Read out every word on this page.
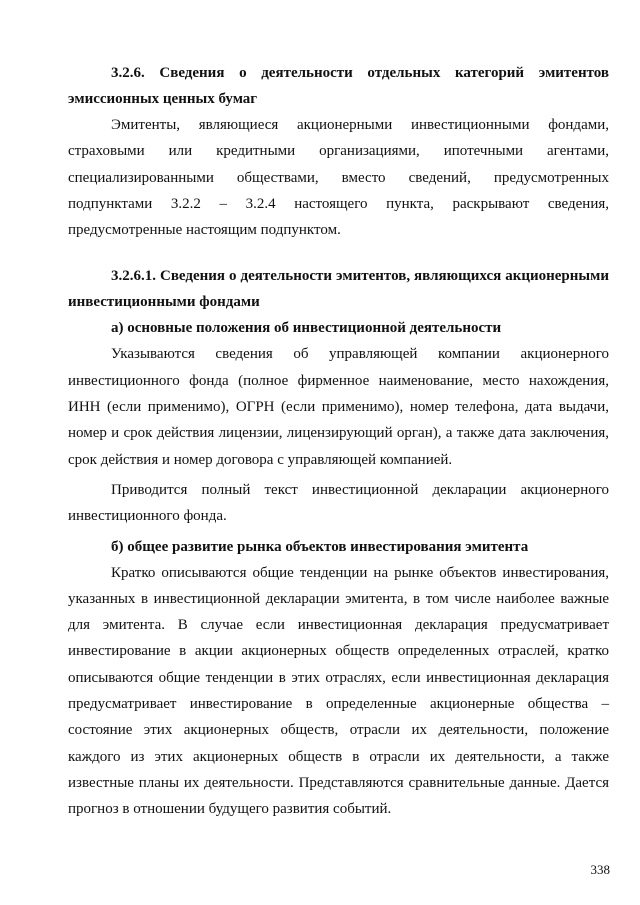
3.2.6. Сведения о деятельности отдельных категорий эмитентов эмиссионных ценных бумаг

Эмитенты, являющиеся акционерными инвестиционными фондами, страховыми или кредитными организациями, ипотечными агентами, специализированными обществами, вместо сведений, предусмотренных подпунктами 3.2.2 – 3.2.4 настоящего пункта, раскрывают сведения, предусмотренные настоящим подпунктом.

3.2.6.1. Сведения о деятельности эмитентов, являющихся акционерными инвестиционными фондами

а) основные положения об инвестиционной деятельности

Указываются сведения об управляющей компании акционерного инвестиционного фонда (полное фирменное наименование, место нахождения, ИНН (если применимо), ОГРН (если применимо), номер телефона, дата выдачи, номер и срок действия лицензии, лицензирующий орган), а также дата заключения, срок действия и номер договора с управляющей компанией.

Приводится полный текст инвестиционной декларации акционерного инвестиционного фонда.

б) общее развитие рынка объектов инвестирования эмитента

Кратко описываются общие тенденции на рынке объектов инвестирования, указанных в инвестиционной декларации эмитента, в том числе наиболее важные для эмитента. В случае если инвестиционная декларация предусматривает инвестирование в акции акционерных обществ определенных отраслей, кратко описываются общие тенденции в этих отраслях, если инвестиционная декларация предусматривает инвестирование в определенные акционерные общества – состояние этих акционерных обществ, отрасли их деятельности, положение каждого из этих акционерных обществ в отрасли их деятельности, а также известные планы их деятельности. Представляются сравнительные данные. Дается прогноз в отношении будущего развития событий.

338
